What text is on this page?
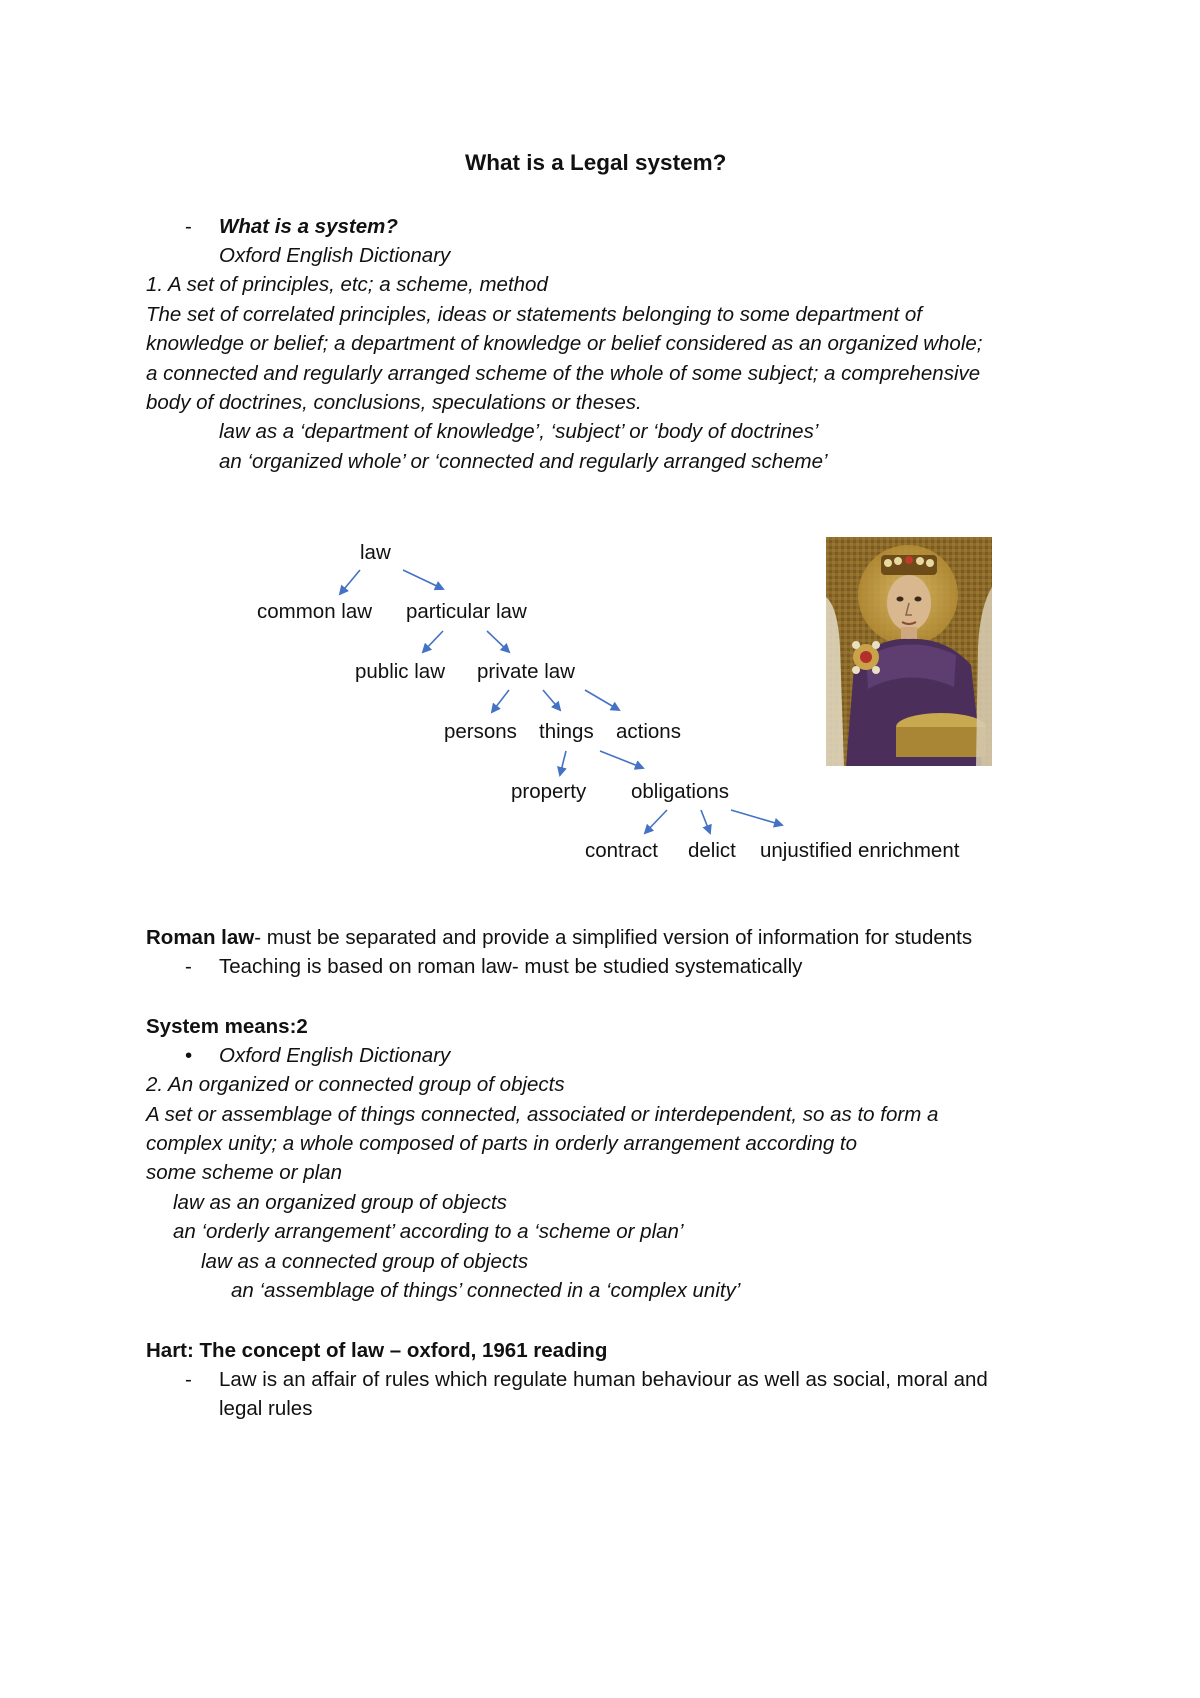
What is a Legal system?
- What is a system?
Oxford English Dictionary
1. A set of principles, etc; a scheme, method
The set of correlated principles, ideas or statements belonging to some department of
knowledge or belief; a department of knowledge or belief considered as an organized whole;
a connected and regularly arranged scheme of the whole of some subject; a comprehensive
body of doctrines, conclusions, speculations or theses.
law as a ‘department of knowledge’, ‘subject’ or ‘body of doctrines’
an ‘organized whole’ or ‘connected and regularly arranged scheme’
law
common law particular law
public law private law
persons things actions
property obligations
contract delict unjustified enrichment
Roman law- must be separated and provide a simplified version of information for students
- Teaching is based on roman law- must be studied systematically
System means:2
• Oxford English Dictionary
2. An organized or connected group of objects
A set or assemblage of things connected, associated or interdependent, so as to form a
complex unity; a whole composed of parts in orderly arrangement according to
some scheme or plan
law as an organized group of objects
an ‘orderly arrangement’ according to a ‘scheme or plan’
law as a connected group of objects
an ‘assemblage of things’ connected in a ‘complex unity’
Hart: The concept of law – oxford, 1961 reading
- Law is an affair of rules which regulate human behaviour as well as social, moral and
legal rules
